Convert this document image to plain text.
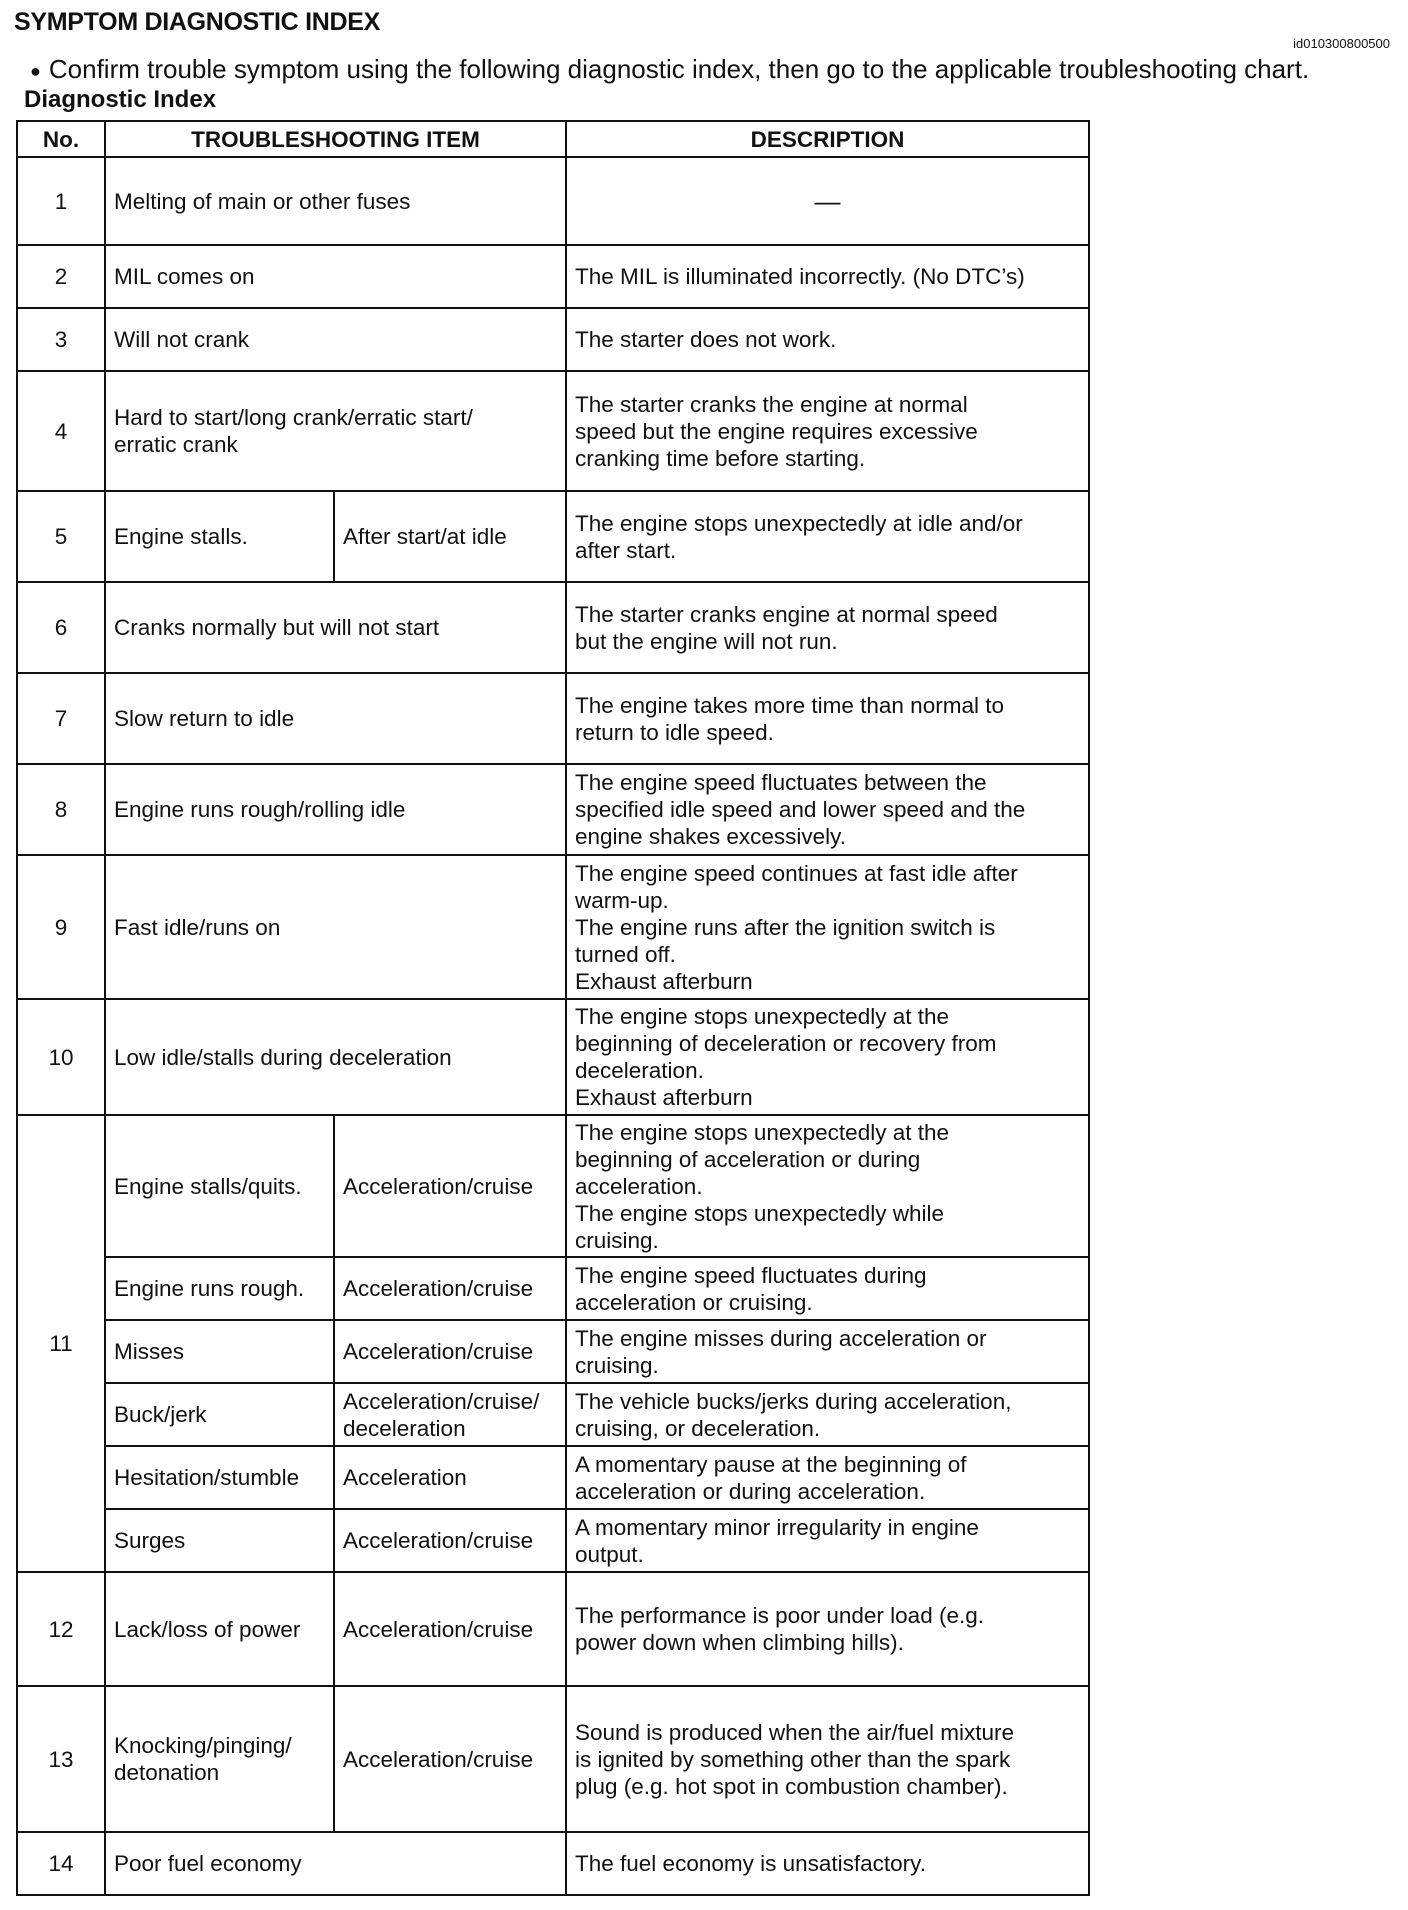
SYMPTOM DIAGNOSTIC INDEX
id010300800500
● Confirm trouble symptom using the following diagnostic index, then go to the applicable troubleshooting chart.
Diagnostic Index
No.	TROUBLESHOOTING ITEM		DESCRIPTION
1	Melting of main or other fuses		—
2	MIL comes on		The MIL is illuminated incorrectly. (No DTC’s)
3	Will not crank		The starter does not work.
4	Hard to start/long crank/erratic start/
erratic crank		The starter cranks the engine at normal
speed but the engine requires excessive
cranking time before starting.
5	Engine stalls.	After start/at idle	The engine stops unexpectedly at idle and/or
after start.
6	Cranks normally but will not start		The starter cranks engine at normal speed
but the engine will not run.
7	Slow return to idle		The engine takes more time than normal to
return to idle speed.
8	Engine runs rough/rolling idle		The engine speed fluctuates between the
specified idle speed and lower speed and the
engine shakes excessively.
9	Fast idle/runs on		The engine speed continues at fast idle after
warm-up.
The engine runs after the ignition switch is
turned off.
Exhaust afterburn
10	Low idle/stalls during deceleration		The engine stops unexpectedly at the
beginning of deceleration or recovery from
deceleration.
Exhaust afterburn
11	Engine stalls/quits.	Acceleration/cruise	The engine stops unexpectedly at the
beginning of acceleration or during
acceleration.
The engine stops unexpectedly while
cruising.
	Engine runs rough.	Acceleration/cruise	The engine speed fluctuates during
acceleration or cruising.
	Misses	Acceleration/cruise	The engine misses during acceleration or
cruising.
	Buck/jerk	Acceleration/cruise/
deceleration	The vehicle bucks/jerks during acceleration,
cruising, or deceleration.
	Hesitation/stumble	Acceleration	A momentary pause at the beginning of
acceleration or during acceleration.
	Surges	Acceleration/cruise	A momentary minor irregularity in engine
output.
12	Lack/loss of power	Acceleration/cruise	The performance is poor under load (e.g.
power down when climbing hills).
13	Knocking/pinging/
detonation	Acceleration/cruise	Sound is produced when the air/fuel mixture
is ignited by something other than the spark
plug (e.g. hot spot in combustion chamber).
14	Poor fuel economy		The fuel economy is unsatisfactory.
